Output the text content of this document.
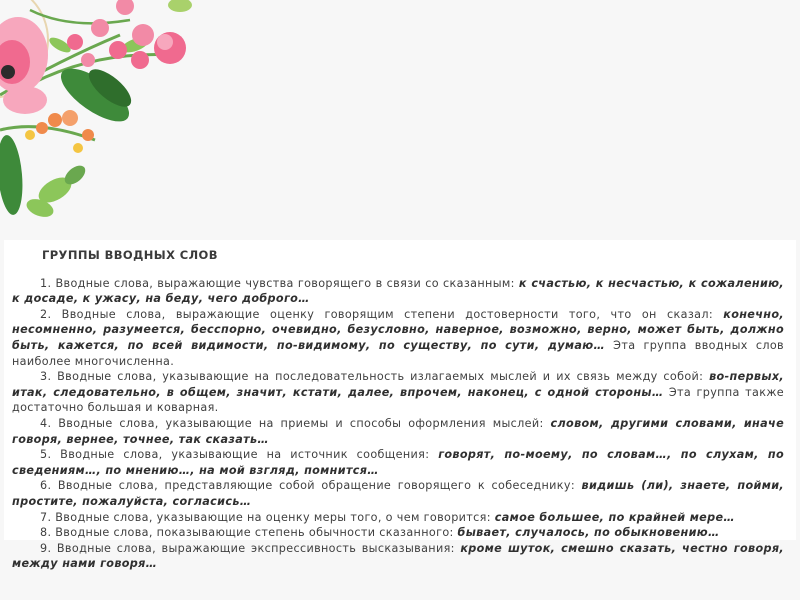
ГРУППЫ ВВОДНЫХ СЛОВ

1. Вводные слова, выражающие чувства говорящего в связи со сказанным: к счастью, к несчастью, к сожалению, к досаде, к ужасу, на беду, чего доброго…

2. Вводные слова, выражающие оценку говорящим степени достоверности того, что он сказал: конечно, несомненно, разумеется, бесспорно, очевидно, безусловно, наверное, возможно, верно, может быть, должно быть, кажется, по всей видимости, по-видимому, по существу, по сути, думаю… Эта группа вводных слов наиболее многочисленна.

3. Вводные слова, указывающие на последовательность излагаемых мыслей и их связь между собой: во-первых, итак, следовательно, в общем, значит, кстати, далее, впрочем, наконец, с одной стороны… Эта группа также достаточно большая и коварная.

4. Вводные слова, указывающие на приемы и способы оформления мыслей: словом, другими словами, иначе говоря, вернее, точнее, так сказать…

5. Вводные слова, указывающие на источник сообщения: говорят, по-моему, по словам…, по слухам, по сведениям…, по мнению…, на мой взгляд, помнится…

6. Вводные слова, представляющие собой обращение говорящего к собеседнику: видишь (ли), знаете, пойми, простите, пожалуйста, согласись…

7. Вводные слова, указывающие на оценку меры того, о чем говорится: самое большее, по крайней мере…

8. Вводные слова, показывающие степень обычности сказанного: бывает, случалось, по обыкновению…

9. Вводные слова, выражающие экспрессивность высказывания: кроме шуток, смешно сказать, честно говоря, между нами говоря…
